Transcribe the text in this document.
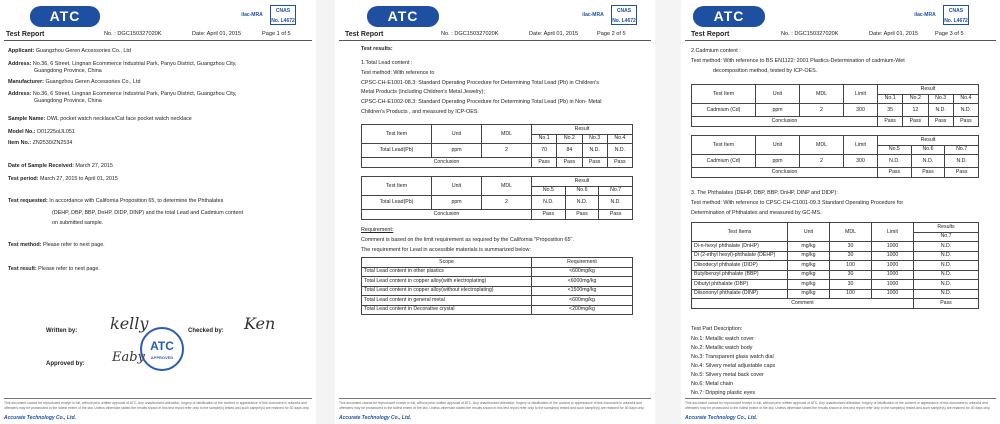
ATC	ilac-MRA
CNAS
No. L4672
Test Report	No. : DGC150327020K	Date: April 01, 2015	Page 1 of 5
Applicant: Guangzhou Geren Accessories Co., Ltd
Address: No.36, 6 Street, Lingnan Ecommerce Industrial Park, Panyu District, Guangzhou City,
Guangdong Province, China
Manufacturer: Guangzhou Geren Accessories Co., Ltd
Address: No.36, 6 Street, Lingnan Ecommerce Industrial Park, Panyu District, Guangzhou City,
Guangdong Province, China
Sample Name: OWL pocket watch necklace/Cat face pocket watch necklace
Model No.: D01225olJL051
Item No.: ZN2530/ZN2534
Date of Sample Received: March 27, 2015
Test period: March 27, 2015 to April 01, 2015
Test requested: In accordance with California Proposition 65, to determine the Phthalates
(DEHP, DBP, BBP, DnHP, DIDP, DINP) and the total Lead and Cadmium content
on submitted sample.
Test method: Please refer to next page.
Test result: Please refer to next page.
Written by: kelly	Checked by: Ken
Approved by: Eaby
ATC
APPROVED
This document cannot be reproduced except in full, without prior written approval of ATC. Any unauthorized alteration, forgery or falsification of the content or appearance of this document is unlawful and offenders may be prosecuted to the fullest extent of the law. Unless otherwise stated the results shown in this test report refer only to the sample(s) tested and such sample(s) are retained for 30 days only.
Accurate Technology Co., Ltd.
ATC	ilac-MRA
CNAS
No. L4672
Test Report	No. : DGC150327020K	Date: April 01, 2015	Page 2 of 5
Test results:
1.Total Lead content :
Test method: With reference to
CPSC-CH-E1001-08.3: Standard Operating Procedure for Determining Total Lead (Pb) in Children's
Metal Products (Including Children's Metal Jewelry);
CPSC-CH-E1002-08.3: Standard Operating Procedure for Determining Total Lead (Pb) in Non- Metal
Children's Products , and measured by ICP-OES.
Test Item	Unit	MDL	Result			
			No.1	No.2	No.3	No.4
Total Lead(Pb)	ppm	2	70	84	N.D.	N.D.
Conclusion			Pass	Pass	Pass	Pass
Test Item	Unit	MDL	Result		
			No.5	No.6	No.7
Total Lead(Pb)	ppm	2	N.D.	N.D.	N.D.
Conclusion			Pass	Pass	Pass
Requirement:
Comment is based on the limit requirement as required by the California "Proposition 65".
The requirement for Lead in accessible materials is summarized below:
Scope	Requirement
Total Lead content in other plastics	<600mg/kg
Total Lead content in copper alloy(with electroplating)	<6000mg/kg
Total Lead content in copper alloy(without electroplating)	<1500mg/kg
Total Lead content in general metal	<600mg/kg
Total Lead content in Decorative crystal	<200mg/kg
This document cannot be reproduced except in full, without prior written approval of ATC. Any unauthorized alteration, forgery or falsification of the content or appearance of this document is unlawful and offenders may be prosecuted to the fullest extent of the law. Unless otherwise stated the results shown in this test report refer only to the sample(s) tested and such sample(s) are retained for 30 days only.
Accurate Technology Co., Ltd.
ATC	ilac-MRA
CNAS
No. L4672
Test Report	No. : DGC150327020K	Date: April 01, 2015	Page 3 of 5
2.Cadmium content :
Test method: With reference to BS EN1122: 2001 Plastics-Determination of cadmium-Wet
decomposition method, tested by ICP-OES.
Test Item	Unit	MDL	Limit	Result			
				No.1	No.2	No.3	No.4
Cadmium (Cd)	ppm	2	300	35	12	N.D.	N.D.
Conclusion				Pass	Pass	Pass	Pass
Test Item	Unit	MDL	Limit	Result		
				No.5	No.6	No.7
Cadmium (Cd)	ppm	2	300	N.D.	N.D.	N.D.
Conclusion				Pass	Pass	Pass
3. The Phthalates (DEHP, DBP, BBP, DnHP, DINP and DIDP):
Test method: With reference to CPSC-CH-C1001-09.3 Standard Operating Procedure for
Determination of Phthalates and measured by GC-MS.
Test Items	Unit	MDL	Limit	Results
				No.7
Di-n-hexyl phthalate (DnHP)	mg/kg	30	1000	N.D.
Di (2-ethyl hexyl)-phthalate (DEHP)	mg/kg	30	1000	N.D.
Diisodecyl phthalate (DIDP)	mg/kg	100	1000	N.D.
Butylbenzyl phthalate (BBP)	mg/kg	30	1000	N.D.
Dibutyl phthalate (DBP)	mg/kg	30	1000	N.D.
Diisononyl phthalate (DINP)	mg/kg	100	1000	N.D.
Comment				Pass
Test Part Description:
No.1: Metallic watch cover
No.2: Metallic watch body
No.3: Transparent glass watch dial
No.4: Silvery metal adjustable caps
No.5: Silvery metal back cover
No.6: Metal chain
No.7: Dripping plastic eyes
This document cannot be reproduced except in full, without prior written approval of ATC. Any unauthorized alteration, forgery or falsification of the content or appearance of this document is unlawful and offenders may be prosecuted to the fullest extent of the law. Unless otherwise stated the results shown in this test report refer only to the sample(s) tested and such sample(s) are retained for 30 days only.
Accurate Technology Co., Ltd.
